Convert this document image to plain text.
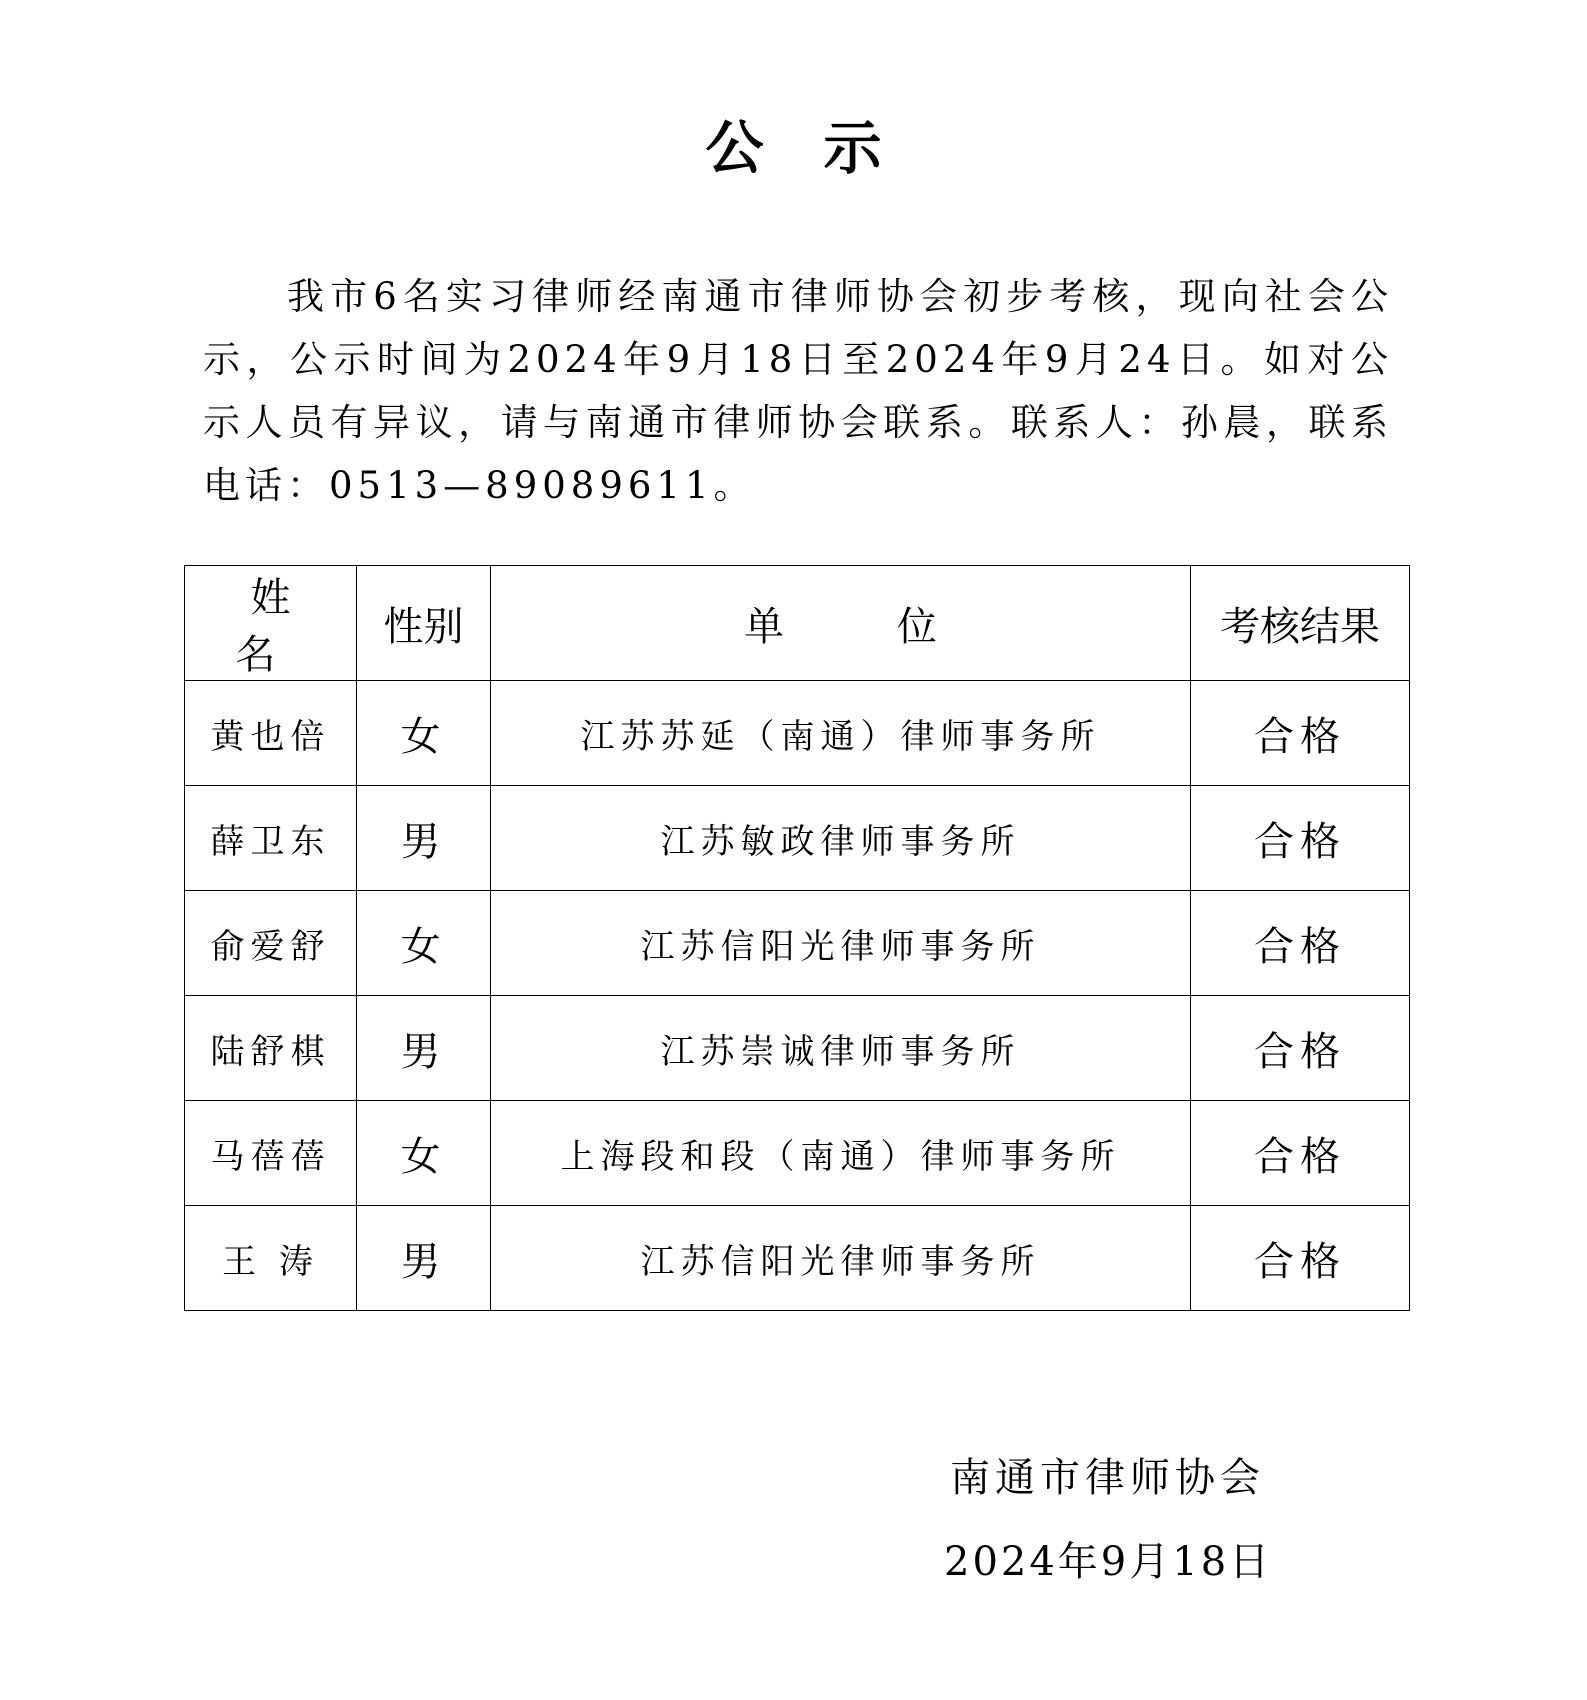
公示

我市6名实习律师经南通市律师协会初步考核，现向社会公示，公示时间为2024年9月18日至2024年9月24日。如对公示人员有异议，请与南通市律师协会联系。联系人：孙晨，联系电话：0513—89089611。

姓 名	性别	单 位	考核结果
黄也倍	女	江苏苏延（南通）律师事务所	合格
薛卫东	男	江苏敏政律师事务所	合格
俞爱舒	女	江苏信阳光律师事务所	合格
陆舒棋	男	江苏崇诚律师事务所	合格
马蓓蓓	女	上海段和段（南通）律师事务所	合格
王 涛	男	江苏信阳光律师事务所	合格
南通市律师协会
2024年9月18日
